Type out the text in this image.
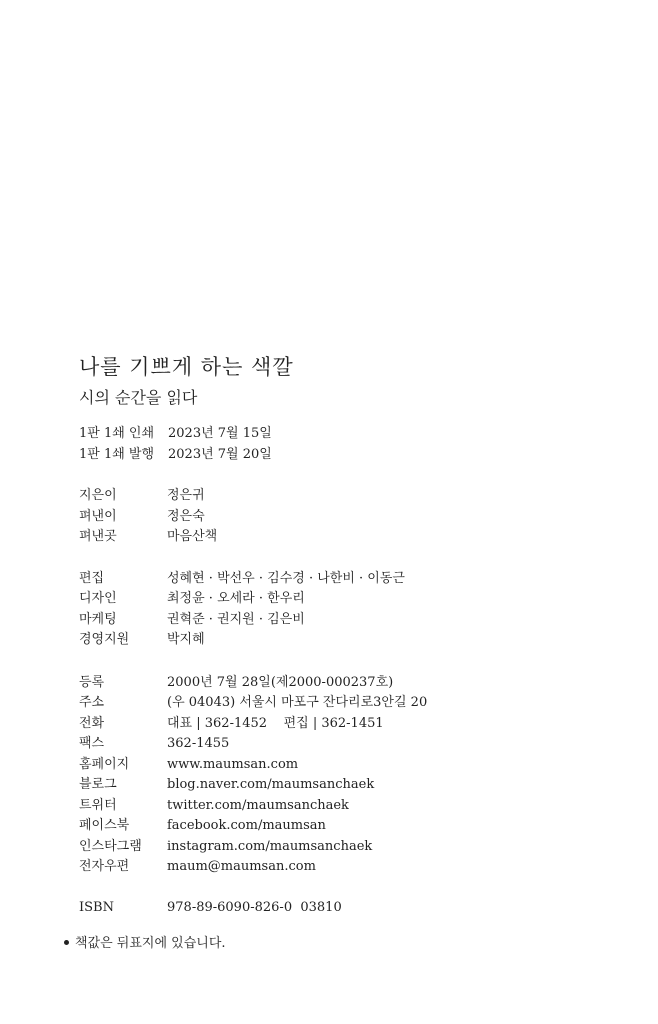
나를 기쁘게 하는 색깔
시의 순간을 읽다
1판 1쇄 인쇄	2023년 7월 15일
1판 1쇄 발행	2023년 7월 20일
지은이	정은귀
펴낸이	정은숙
펴낸곳	마음산책
편집	성혜현 · 박선우 · 김수경 · 나한비 · 이동근
디자인	최정윤 · 오세라 · 한우리
마케팅	권혁준 · 권지원 · 김은비
경영지원	박지혜
등록	2000년 7월 28일(제2000-000237호)
주소	(우 04043) 서울시 마포구 잔다리로3안길 20
전화	대표 | 362-1452    편집 | 362-1451
팩스	362-1455
홈페이지	www.maumsan.com
블로그	blog.naver.com/maumsanchaek
트위터	twitter.com/maumsanchaek
페이스북	facebook.com/maumsan
인스타그램	instagram.com/maumsanchaek
전자우편	maum@maumsan.com
ISBN	978-89-6090-826-0  03810
책값은 뒤표지에 있습니다.
